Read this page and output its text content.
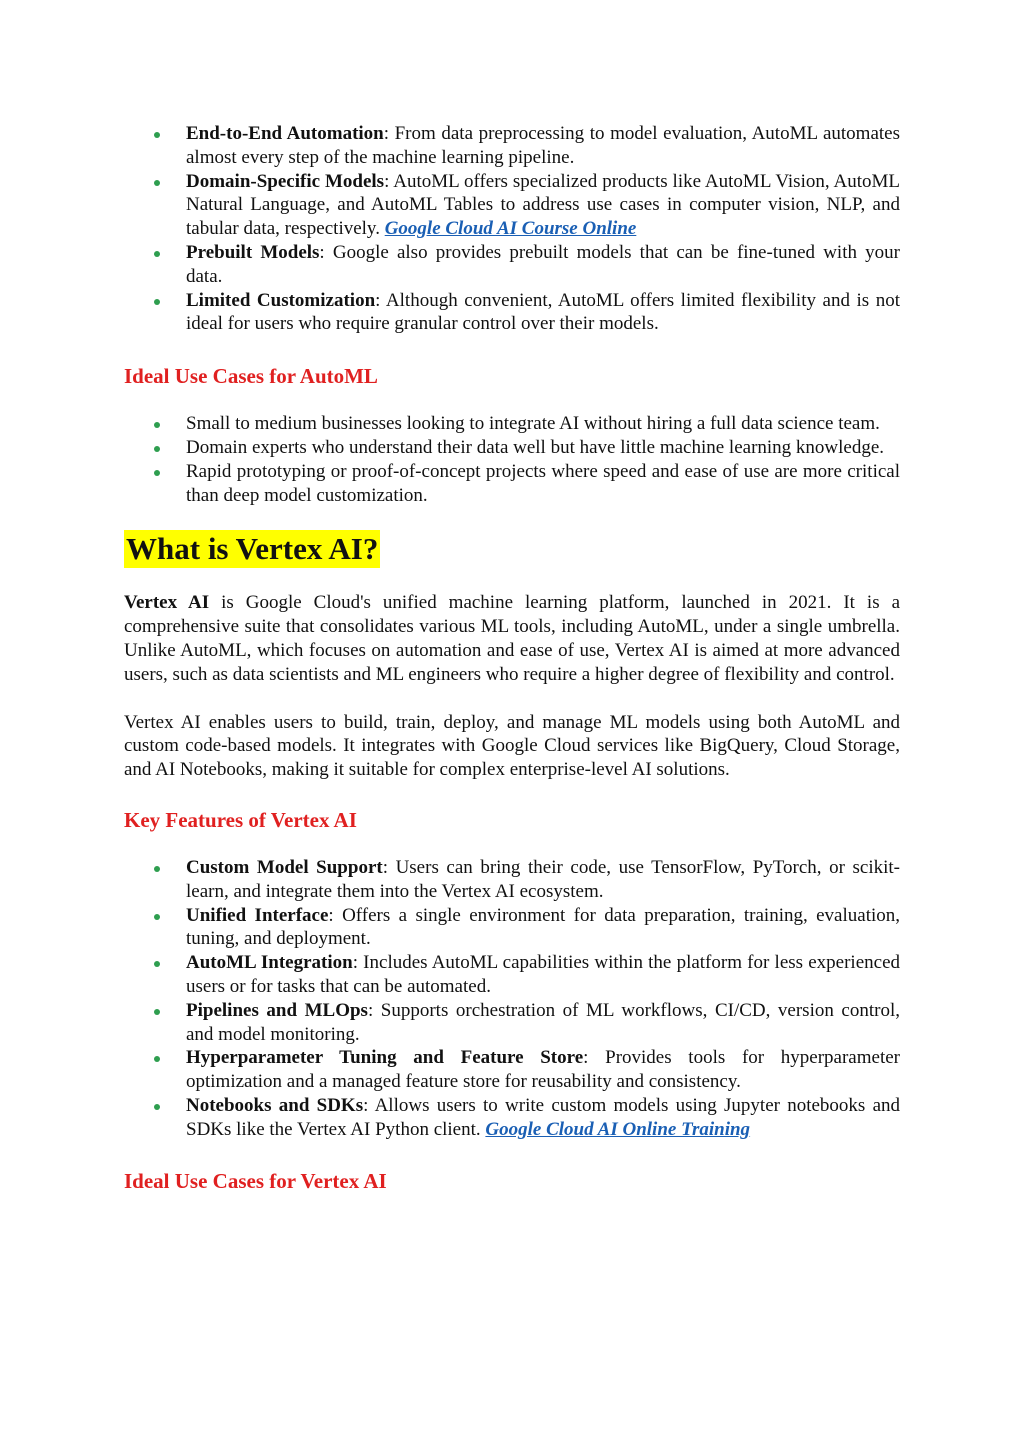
End-to-End Automation: From data preprocessing to model evaluation, AutoML automates almost every step of the machine learning pipeline.
Domain-Specific Models: AutoML offers specialized products like AutoML Vision, AutoML Natural Language, and AutoML Tables to address use cases in computer vision, NLP, and tabular data, respectively. Google Cloud AI Course Online
Prebuilt Models: Google also provides prebuilt models that can be fine-tuned with your data.
Limited Customization: Although convenient, AutoML offers limited flexibility and is not ideal for users who require granular control over their models.
Ideal Use Cases for AutoML
Small to medium businesses looking to integrate AI without hiring a full data science team.
Domain experts who understand their data well but have little machine learning knowledge.
Rapid prototyping or proof-of-concept projects where speed and ease of use are more critical than deep model customization.
What is Vertex AI?

Vertex AI is Google Cloud's unified machine learning platform, launched in 2021. It is a comprehensive suite that consolidates various ML tools, including AutoML, under a single umbrella. Unlike AutoML, which focuses on automation and ease of use, Vertex AI is aimed at more advanced users, such as data scientists and ML engineers who require a higher degree of flexibility and control.

Vertex AI enables users to build, train, deploy, and manage ML models using both AutoML and custom code-based models. It integrates with Google Cloud services like BigQuery, Cloud Storage, and AI Notebooks, making it suitable for complex enterprise-level AI solutions.

Key Features of Vertex AI
Custom Model Support: Users can bring their code, use TensorFlow, PyTorch, or scikit-learn, and integrate them into the Vertex AI ecosystem.
Unified Interface: Offers a single environment for data preparation, training, evaluation, tuning, and deployment.
AutoML Integration: Includes AutoML capabilities within the platform for less experienced users or for tasks that can be automated.
Pipelines and MLOps: Supports orchestration of ML workflows, CI/CD, version control, and model monitoring.
Hyperparameter Tuning and Feature Store: Provides tools for hyperparameter optimization and a managed feature store for reusability and consistency.
Notebooks and SDKs: Allows users to write custom models using Jupyter notebooks and SDKs like the Vertex AI Python client. Google Cloud AI Online Training
Ideal Use Cases for Vertex AI
